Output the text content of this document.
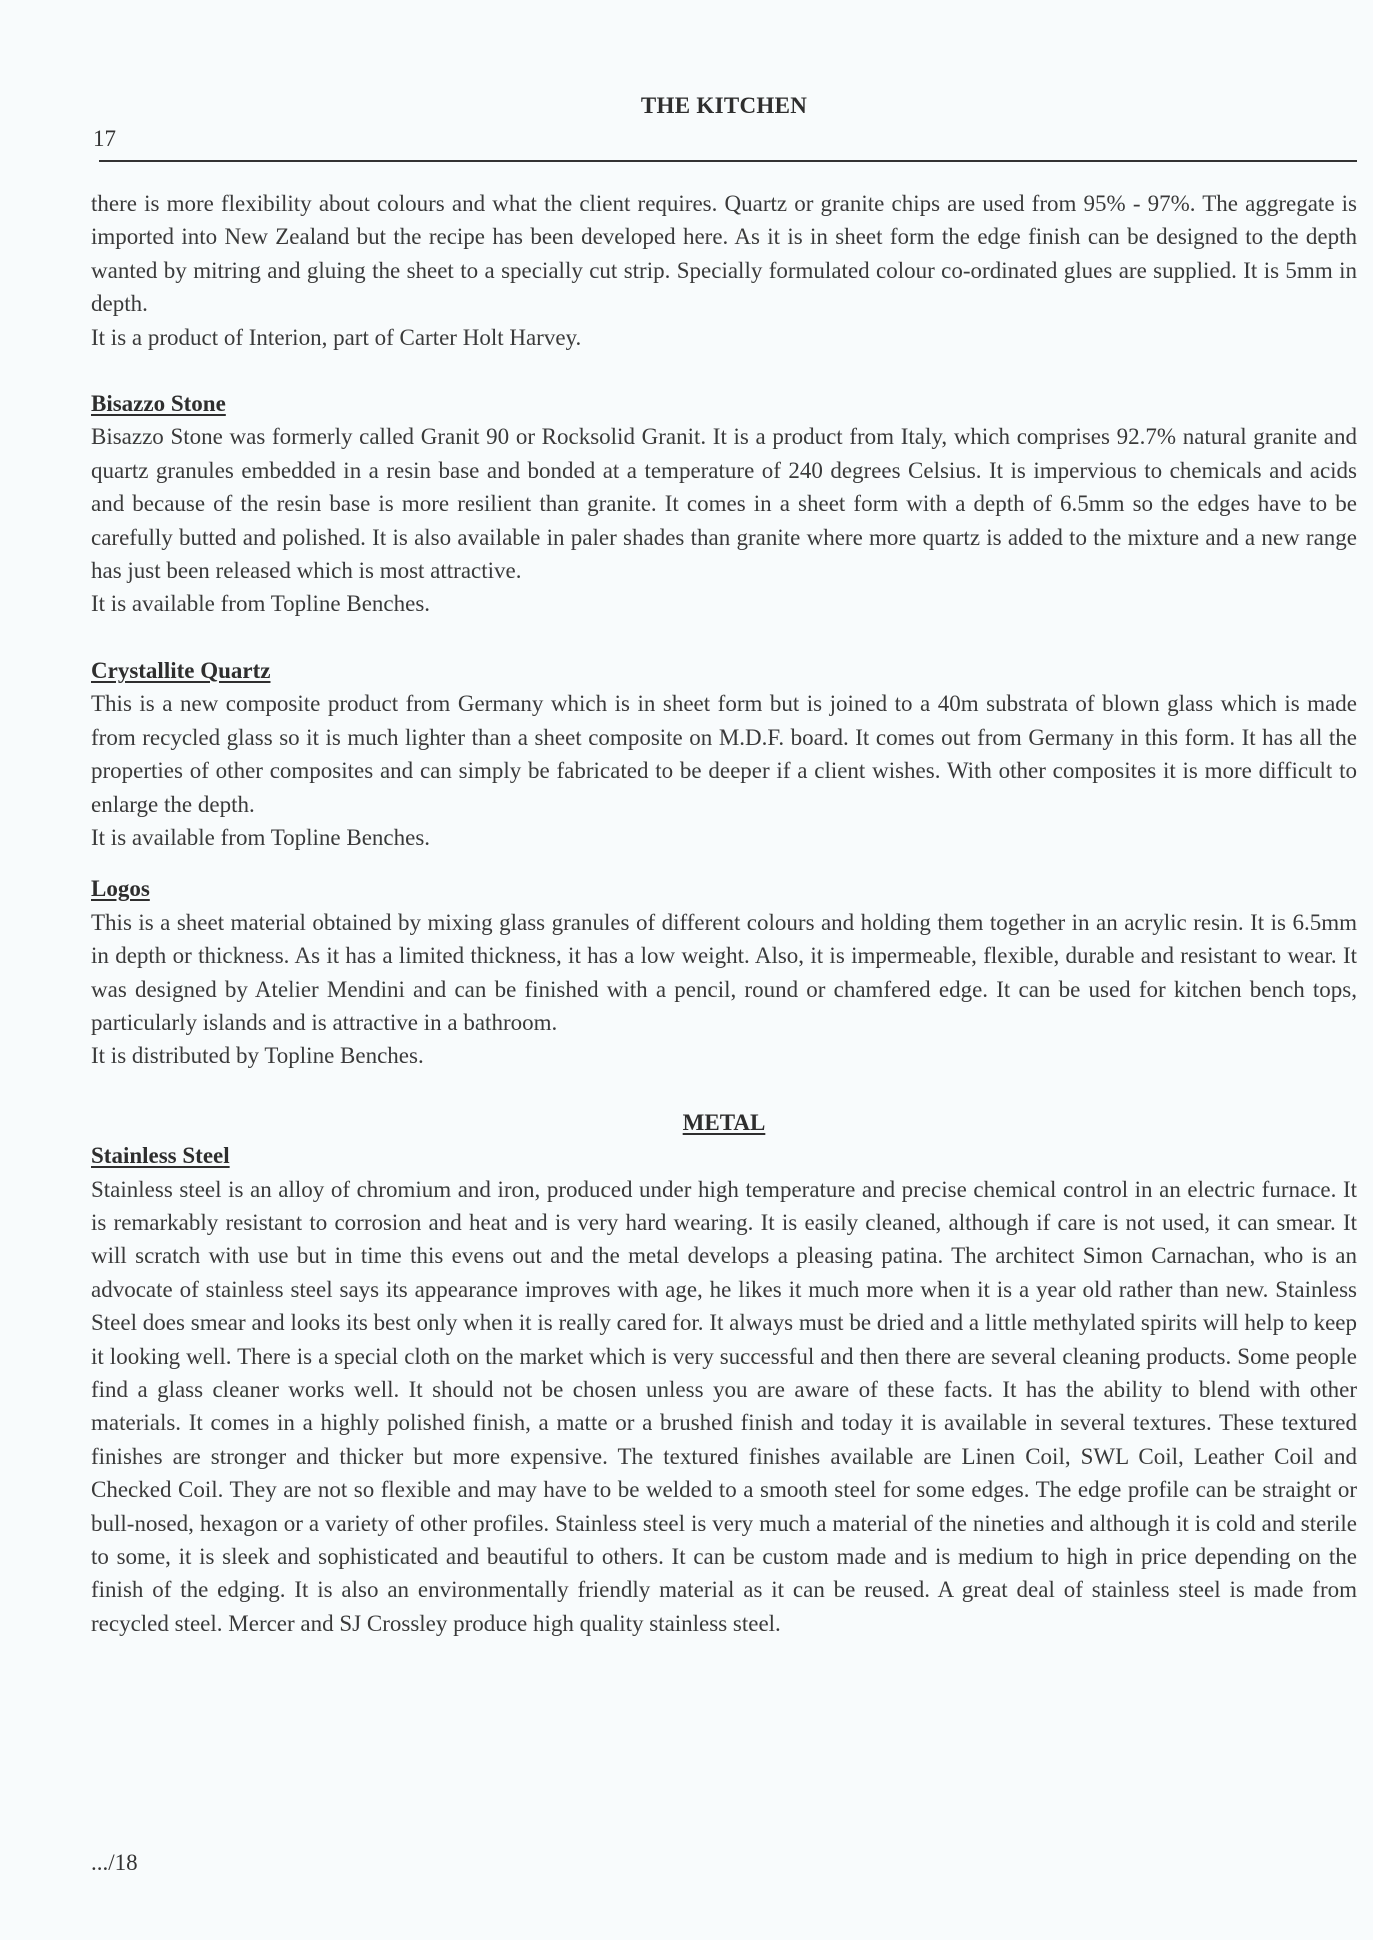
THE KITCHEN
17

there is more flexibility about colours and what the client requires. Quartz or granite chips are used from 95% - 97%. The aggregate is imported into New Zealand but the recipe has been developed here. As it is in sheet form the edge finish can be designed to the depth wanted by mitring and gluing the sheet to a specially cut strip. Specially formulated colour co-ordinated glues are supplied. It is 5mm in depth.

It is a product of Interion, part of Carter Holt Harvey.

Bisazzo Stone

Bisazzo Stone was formerly called Granit 90 or Rocksolid Granit. It is a product from Italy, which comprises 92.7% natural granite and quartz granules embedded in a resin base and bonded at a temperature of 240 degrees Celsius. It is impervious to chemicals and acids and because of the resin base is more resilient than granite. It comes in a sheet form with a depth of 6.5mm so the edges have to be carefully butted and polished. It is also available in paler shades than granite where more quartz is added to the mixture and a new range has just been released which is most attractive.

It is available from Topline Benches.

Crystallite Quartz

This is a new composite product from Germany which is in sheet form but is joined to a 40m substrata of blown glass which is made from recycled glass so it is much lighter than a sheet composite on M.D.F. board. It comes out from Germany in this form. It has all the properties of other composites and can simply be fabricated to be deeper if a client wishes. With other composites it is more difficult to enlarge the depth.

It is available from Topline Benches.

Logos

This is a sheet material obtained by mixing glass granules of different colours and holding them together in an acrylic resin. It is 6.5mm in depth or thickness. As it has a limited thickness, it has a low weight. Also, it is impermeable, flexible, durable and resistant to wear. It was designed by Atelier Mendini and can be finished with a pencil, round or chamfered edge. It can be used for kitchen bench tops, particularly islands and is attractive in a bathroom.

It is distributed by Topline Benches.

METAL

Stainless Steel

Stainless steel is an alloy of chromium and iron, produced under high temperature and precise chemical control in an electric furnace. It is remarkably resistant to corrosion and heat and is very hard wearing. It is easily cleaned, although if care is not used, it can smear. It will scratch with use but in time this evens out and the metal develops a pleasing patina. The architect Simon Carnachan, who is an advocate of stainless steel says its appearance improves with age, he likes it much more when it is a year old rather than new. Stainless Steel does smear and looks its best only when it is really cared for. It always must be dried and a little methylated spirits will help to keep it looking well. There is a special cloth on the market which is very successful and then there are several cleaning products. Some people find a glass cleaner works well. It should not be chosen unless you are aware of these facts. It has the ability to blend with other materials. It comes in a highly polished finish, a matte or a brushed finish and today it is available in several textures. These textured finishes are stronger and thicker but more expensive. The textured finishes available are Linen Coil, SWL Coil, Leather Coil and Checked Coil. They are not so flexible and may have to be welded to a smooth steel for some edges. The edge profile can be straight or bull-nosed, hexagon or a variety of other profiles. Stainless steel is very much a material of the nineties and although it is cold and sterile to some, it is sleek and sophisticated and beautiful to others. It can be custom made and is medium to high in price depending on the finish of the edging. It is also an environmentally friendly material as it can be reused. A great deal of stainless steel is made from recycled steel. Mercer and SJ Crossley produce high quality stainless steel.

.../18
